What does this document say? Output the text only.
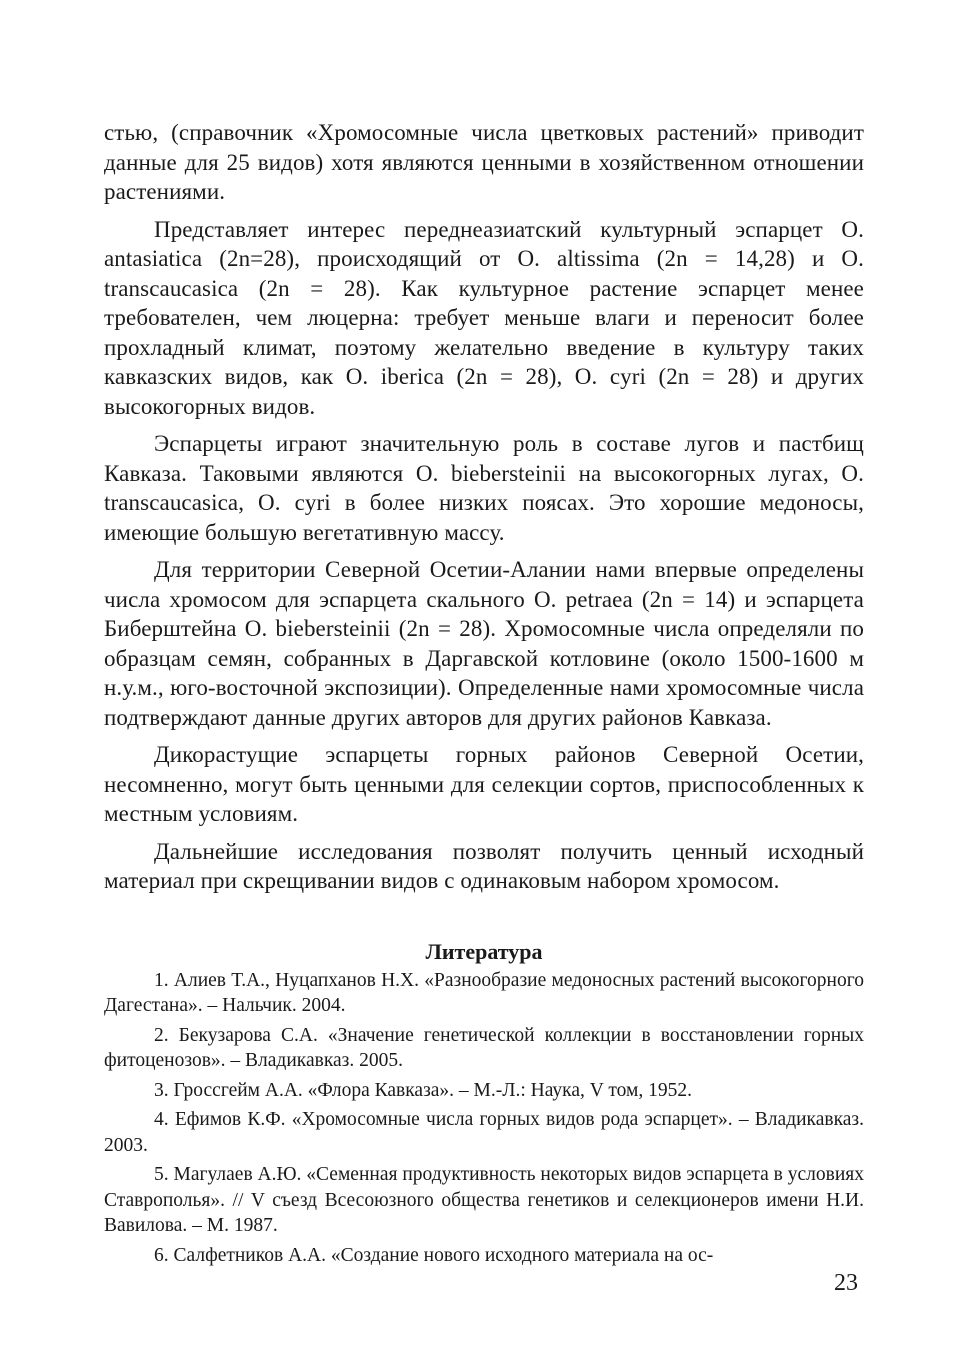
стью, (справочник «Хромосомные числа цветковых растений» приводит данные для 25 видов) хотя являются ценными в хозяйственном отношении растениями.

Представляет интерес переднеазиатский культурный эспарцет O. antasiatica (2n=28), происходящий от O. altissima (2n = 14,28) и O. transcaucasica (2n = 28). Как культурное растение эспарцет менее требователен, чем люцерна: требует меньше влаги и переносит более прохладный климат, поэтому желательно введение в культуру таких кавказских видов, как O. iberica (2n = 28), O. cyri (2n = 28) и других высокогорных видов.

Эспарцеты играют значительную роль в составе лугов и пастбищ Кавказа. Таковыми являются O. biebersteinii на высокогорных лугах, O. transcaucasica, O. cyri в более низких поясах. Это хорошие медоносы, имеющие большую вегетативную массу.

Для территории Северной Осетии-Алании нами впервые определены числа хромосом для эспарцета скального O. petraea (2n = 14) и эспарцета Биберштейна O. biebersteinii (2n = 28). Хромосомные числа определяли по образцам семян, собранных в Даргавской котловине (около 1500-1600 м н.у.м., юго-восточной экспозиции). Определенные нами хромосомные числа подтверждают данные других авторов для других районов Кавказа.

Дикорастущие эспарцеты горных районов Северной Осетии, несомненно, могут быть ценными для селекции сортов, приспособленных к местным условиям.

Дальнейшие исследования позволят получить ценный исходный материал при скрещивании видов с одинаковым набором хромосом.

Литература

1. Алиев Т.А., Нуцапханов Н.Х. «Разнообразие медоносных растений высокогорного Дагестана». – Нальчик. 2004.

2. Бекузарова С.А. «Значение генетической коллекции в восстановлении горных фитоценозов». – Владикавказ. 2005.

3. Гроссгейм А.А. «Флора Кавказа». – М.-Л.: Наука, V том, 1952.

4. Ефимов К.Ф. «Хромосомные числа горных видов рода эспарцет». – Владикавказ. 2003.

5. Магулаев А.Ю. «Семенная продуктивность некоторых видов эспарцета в условиях Ставрополья». // V съезд Всесоюзного общества генетиков и селекционеров имени Н.И. Вавилова. – М. 1987.

6. Салфетников А.А. «Создание нового исходного материала на ос-

23
